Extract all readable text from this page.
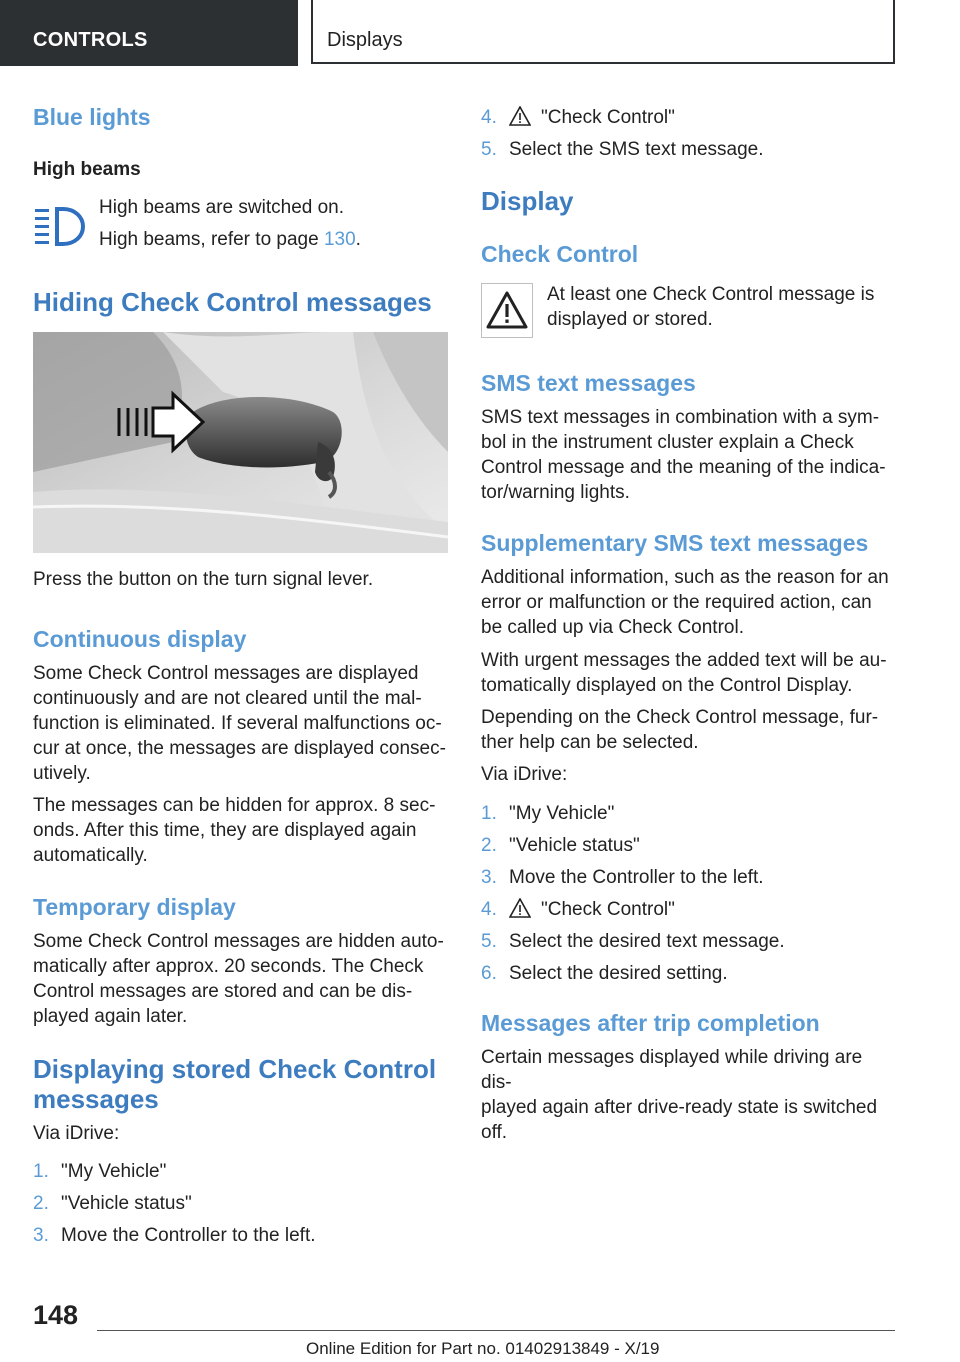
CONTROLS	Displays
Blue lights
High beams
High beams are switched on.
High beams, refer to page 130.
Hiding Check Control messages
Press the button on the turn signal lever.
Continuous display
Some Check Control messages are displayed
continuously and are not cleared until the mal‐
function is eliminated. If several malfunctions oc‐
cur at once, the messages are displayed consec‐
utively.
The messages can be hidden for approx. 8 sec‐
onds. After this time, they are displayed again
automatically.
Temporary display
Some Check Control messages are hidden auto‐
matically after approx. 20 seconds. The Check
Control messages are stored and can be dis‐
played again later.
Displaying stored Check Control
messages
Via iDrive:
1. "My Vehicle"
2. "Vehicle status"
3. Move the Controller to the left.
4.	"Check Control"
5. Select the SMS text message.
Display
Check Control
At least one Check Control message is
displayed or stored.
SMS text messages
SMS text messages in combination with a sym‐
bol in the instrument cluster explain a Check
Control message and the meaning of the indica‐
tor/warning lights.
Supplementary SMS text messages
Additional information, such as the reason for an
error or malfunction or the required action, can
be called up via Check Control.
With urgent messages the added text will be au‐
tomatically displayed on the Control Display.
Depending on the Check Control message, fur‐
ther help can be selected.
Via iDrive:
1. "My Vehicle"
2. "Vehicle status"
3. Move the Controller to the left.
4.	"Check Control"
5. Select the desired text message.
6. Select the desired setting.
Messages after trip completion
Certain messages displayed while driving are dis‐
played again after drive-ready state is switched
off.
148
Online Edition for Part no. 01402913849 - X/19
